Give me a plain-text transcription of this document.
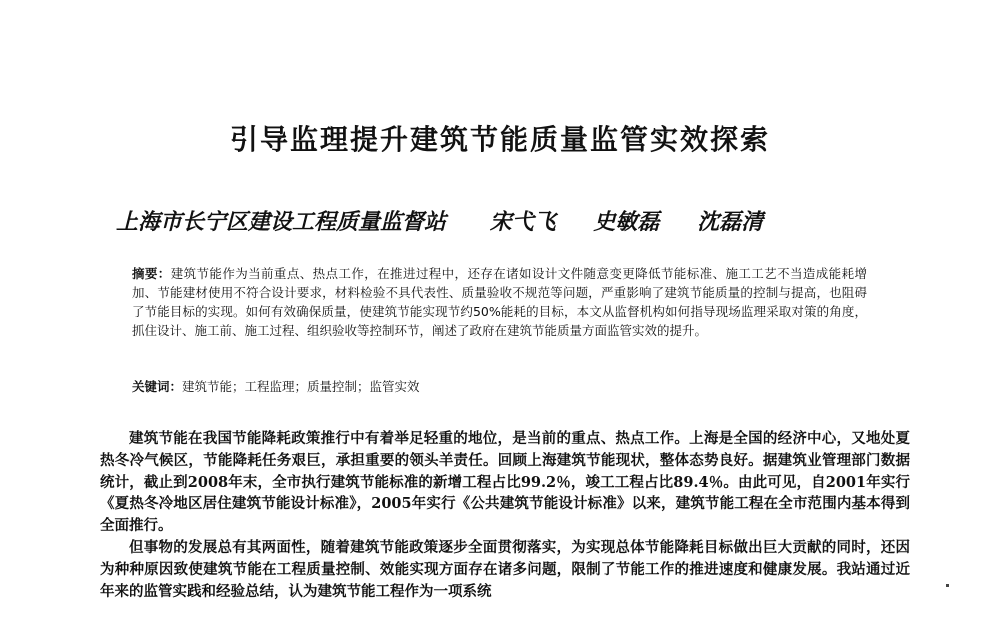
引导监理提升建筑节能质量监管实效探索
上海市长宁区建设工程质量监督站 宋弋飞 史敏磊 沈磊清
摘要：建筑节能作为当前重点、热点工作，在推进过程中，还存在诸如设计文件随意变更降低节能标准、施工工艺不当造成能耗增加、节能建材使用不符合设计要求，材料检验不具代表性、质量验收不规范等问题，严重影响了建筑节能质量的控制与提高，也阻碍了节能目标的实现。如何有效确保质量，使建筑节能实现节约50%能耗的目标，本文从监督机构如何指导现场监理采取对策的角度，抓住设计、施工前、施工过程、组织验收等控制环节，阐述了政府在建筑节能质量方面监管实效的提升。
关键词：建筑节能；工程监理；质量控制；监管实效

建筑节能在我国节能降耗政策推行中有着举足轻重的地位，是当前的重点、热点工作。上海是全国的经济中心，又地处夏热冬冷气候区，节能降耗任务艰巨，承担重要的领头羊责任。回顾上海建筑节能现状，整体态势良好。据建筑业管理部门数据统计，截止到2008年末，全市执行建筑节能标准的新增工程占比99.2％，竣工工程占比89.4％。由此可见，自2001年实行《夏热冬冷地区居住建筑节能设计标准》，2005年实行《公共建筑节能设计标准》以来，建筑节能工程在全市范围内基本得到全面推行。

但事物的发展总有其两面性，随着建筑节能政策逐步全面贯彻落实，为实现总体节能降耗目标做出巨大贡献的同时，还因为种种原因致使建筑节能在工程质量控制、效能实现方面存在诸多问题，限制了节能工作的推进速度和健康发展。我站通过近年来的监管实践和经验总结，认为建筑节能工程作为一项系统
